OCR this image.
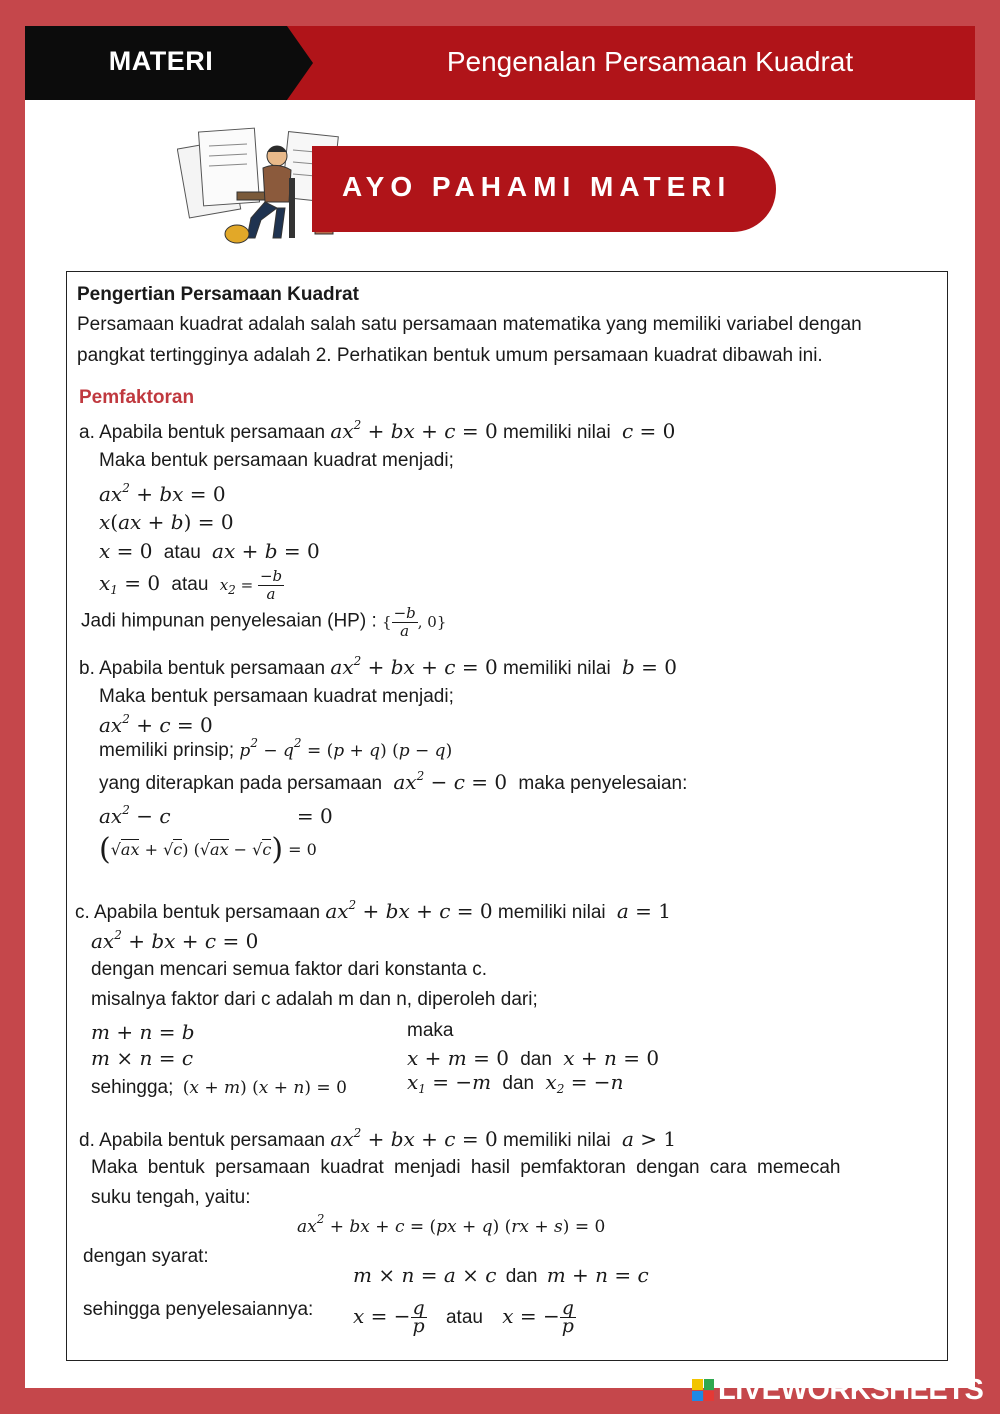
MATERI	Pengenalan Persamaan Kuadrat
AYO PAHAMI MATERI
Pengertian Persamaan Kuadrat
Persamaan kuadrat adalah salah satu persamaan matematika yang memiliki variabel dengan
pangkat tertingginya adalah 2. Perhatikan bentuk umum persamaan kuadrat dibawah ini.
Pemfaktoran
a. Apabila bentuk persamaan $ax^2$ + bx + c = 0 memiliki nilai c = 0
Maka bentuk persamaan kuadrat menjadi;
$ax^2$ + bx = 0
x(ax + b) = 0
x = 0 atau ax + b = 0
$x_1 = 0$ atau $x_2 = \frac{-b}{a}$
Jadi himpunan penyelesaian (HP) : { $\frac{-b}{a}$ , 0}
b. Apabila bentuk persamaan $ax^2$ + bx + c = 0 memiliki nilai b = 0
Maka bentuk persamaan kuadrat menjadi;
$ax^2 + c = 0$
memiliki prinsip; $p^2 - q^2 = (p + q) (p - q)$
yang diterapkan pada persamaan $ax^2 - c = 0$ maka penyelesaian:
$ax^2 - c$	= 0
(√ax + √c) (√ax − √c) = 0
c. Apabila bentuk persamaan $ax^2$ + bx + c = 0 memiliki nilai a = 1
$ax^2$ + bx + c = 0
dengan mencari semua faktor dari konstanta c.
misalnya faktor dari c adalah m dan n, diperoleh dari;
m + n = b
m × n = c
sehingga; (x + m) (x + n) = 0
maka
x + m = 0 dan x + n = 0
$x_1 = -m$ dan $x_2 = -n$
d. Apabila bentuk persamaan $ax^2$ + bx + c = 0 memiliki nilai a > 1
Maka bentuk persamaan kuadrat menjadi hasil pemfaktoran dengan cara memecah
suku tengah, yaitu:
$ax^2$ + bx + c = (px + q) (rx + s) = 0
dengan syarat:
m × n = a × c dan m + n = c
sehingga penyelesaiannya: x = − $\frac{q}{p}$ atau x = − $\frac{q}{p}$
LIVEWORKSHEETS
